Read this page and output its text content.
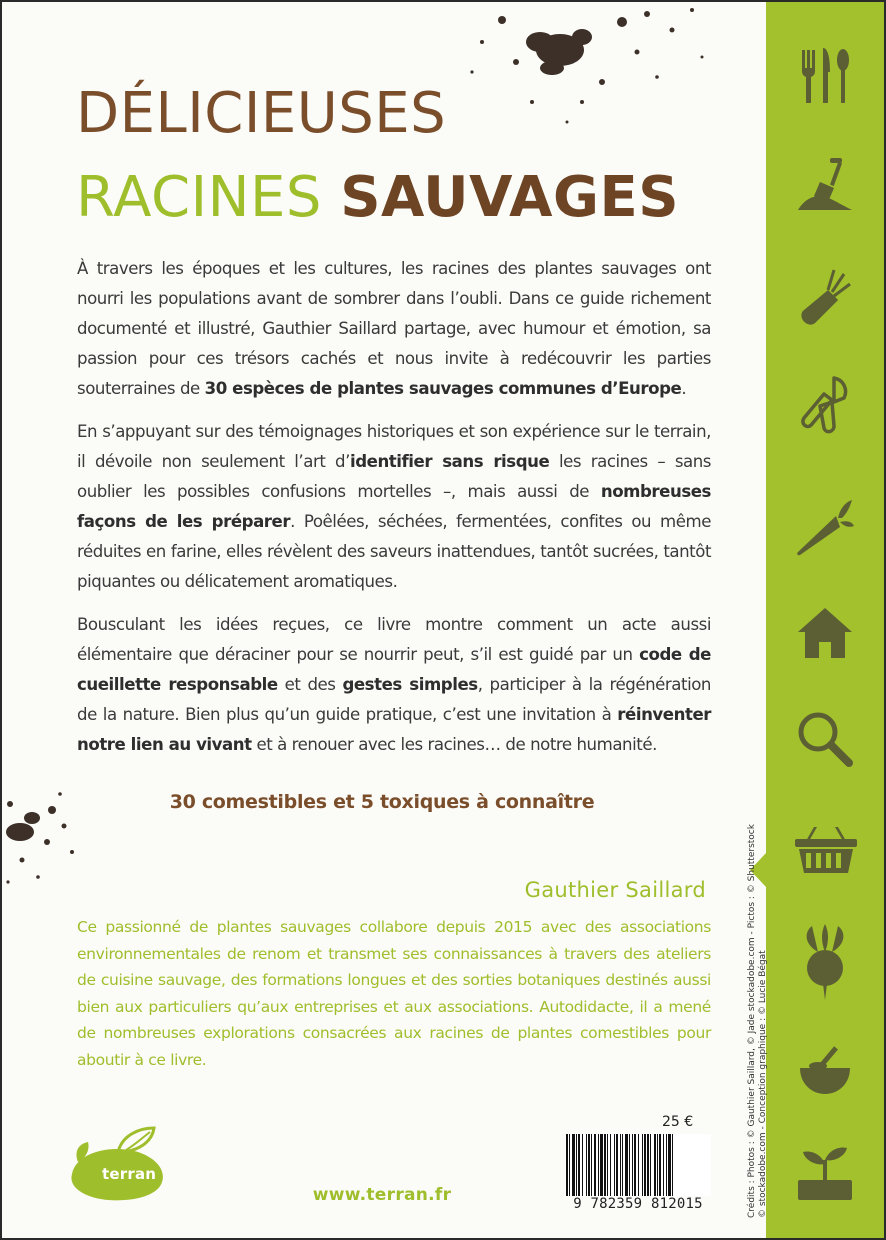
DÉLICIEUSES
RACINES SAUVAGES

À travers les époques et les cultures, les racines des plantes sauvages ont nourri les populations avant de sombrer dans l’oubli. Dans ce guide richement documenté et illustré, Gauthier Saillard partage, avec humour et émotion, sa passion pour ces trésors cachés et nous invite à redécouvrir les parties souterraines de 30 espèces de plantes sauvages communes d’Europe.

En s’appuyant sur des témoignages historiques et son expérience sur le terrain, il dévoile non seulement l’art d’identifier sans risque les racines – sans oublier les possibles confusions mortelles –, mais aussi de nombreuses façons de les préparer. Poêlées, séchées, fermentées, confites ou même réduites en farine, elles révèlent des saveurs inattendues, tantôt sucrées, tantôt piquantes ou délicatement aromatiques.

Bousculant les idées reçues, ce livre montre comment un acte aussi élémentaire que déraciner pour se nourrir peut, s’il est guidé par un code de cueillette responsable et des gestes simples, participer à la régénération de la nature. Bien plus qu’un guide pratique, c’est une invitation à réinventer notre lien au vivant et à renouer avec les racines… de notre humanité.

30 comestibles et 5 toxiques à connaître
Gauthier Saillard
Ce passionné de plantes sauvages collabore depuis 2015 avec des associations environnementales de renom et transmet ses connaissances à travers des ateliers de cuisine sauvage, des formations longues et des sorties botaniques destinés aussi bien aux particuliers qu’aux entreprises et aux associations. Autodidacte, il a mené de nombreuses explorations consacrées aux racines de plantes comestibles pour aboutir à ce livre.
25 €
9 782359 812015	Crédits : Photos : © Gauthier Saillard, © Jade stockadobe.com - Pictos : © Shutterstock © stockadobe.com - Conception graphique : © Lucie Bégat
terran
www.terran.fr
